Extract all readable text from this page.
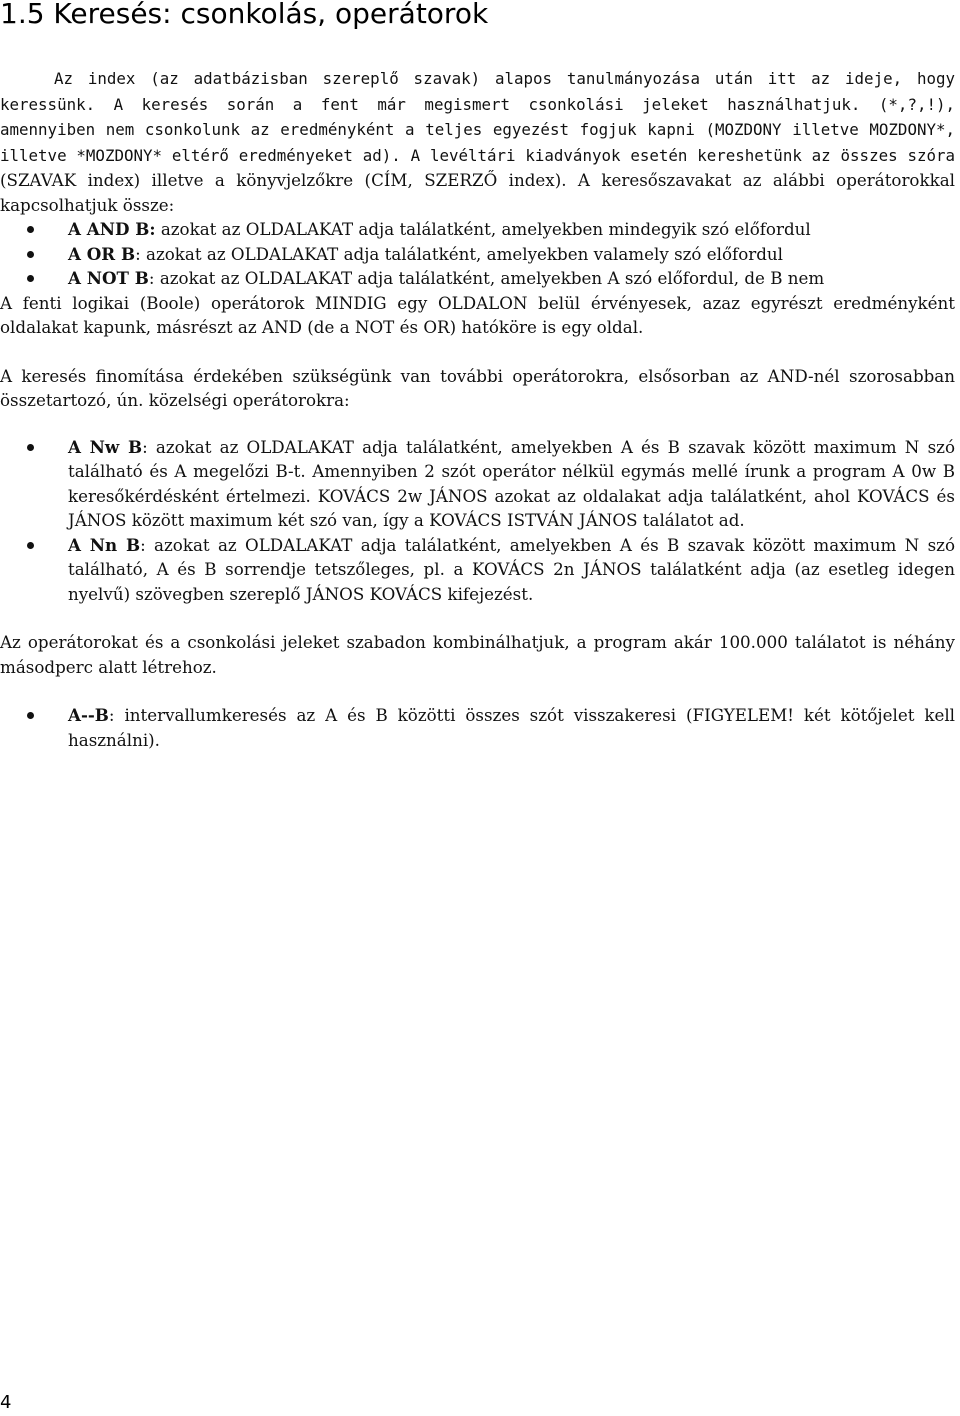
1.5 Keresés: csonkolás, operátorok

Az index (az adatbázisban szereplő szavak) alapos tanulmányozása után itt az ideje, hogy keressünk. A keresés során a fent már megismert csonkolási jeleket használhatjuk. (*,?,!), amennyiben nem csonkolunk az eredményként a teljes egyezést fogjuk kapni (MOZDONY illetve MOZDONY*, illetve *MOZDONY* eltérő eredményeket ad). A levéltári kiadványok esetén kereshetünk az összes szóra (SZAVAK index) illetve a könyvjelzőkre (CÍM, SZERZŐ index). A keresőszavakat az alábbi operátorokkal kapcsolhatjuk össze:

A AND B: azokat az OLDALAKAT adja találatként, amelyekben mindegyik szó előfordul
A OR B: azokat az OLDALAKAT adja találatként, amelyekben valamely szó előfordul
A NOT B: azokat az OLDALAKAT adja találatként, amelyekben A szó előfordul, de B nem

A fenti logikai (Boole) operátorok MINDIG egy OLDALON belül érvényesek, azaz egyrészt eredményként oldalakat kapunk, másrészt az AND (de a NOT és OR) hatóköre is egy oldal.

A keresés finomítása érdekében szükségünk van további operátorokra, elsősorban az AND-nél szorosabban összetartozó, ún. közelségi operátorokra:

A Nw B: azokat az OLDALAKAT adja találatként, amelyekben A és B szavak között maximum N szó található és A megelőzi B-t. Amennyiben 2 szót operátor nélkül egymás mellé írunk a program A 0w B keresőkérdésként értelmezi. KOVÁCS 2w JÁNOS azokat az oldalakat adja találatként, ahol KOVÁCS és JÁNOS között maximum két szó van, így a KOVÁCS ISTVÁN JÁNOS találatot ad.
A Nn B: azokat az OLDALAKAT adja találatként, amelyekben A és B szavak között maximum N szó található, A és B sorrendje tetszőleges, pl. a KOVÁCS 2n JÁNOS találatként adja (az esetleg idegen nyelvű) szövegben szereplő JÁNOS KOVÁCS kifejezést.

Az operátorokat és a csonkolási jeleket szabadon kombinálhatjuk, a program akár 100.000 találatot is néhány másodperc alatt létrehoz.

A--B: intervallumkeresés az A és B közötti összes szót visszakeresi (FIGYELEM! két kötőjelet kell használni).
4
